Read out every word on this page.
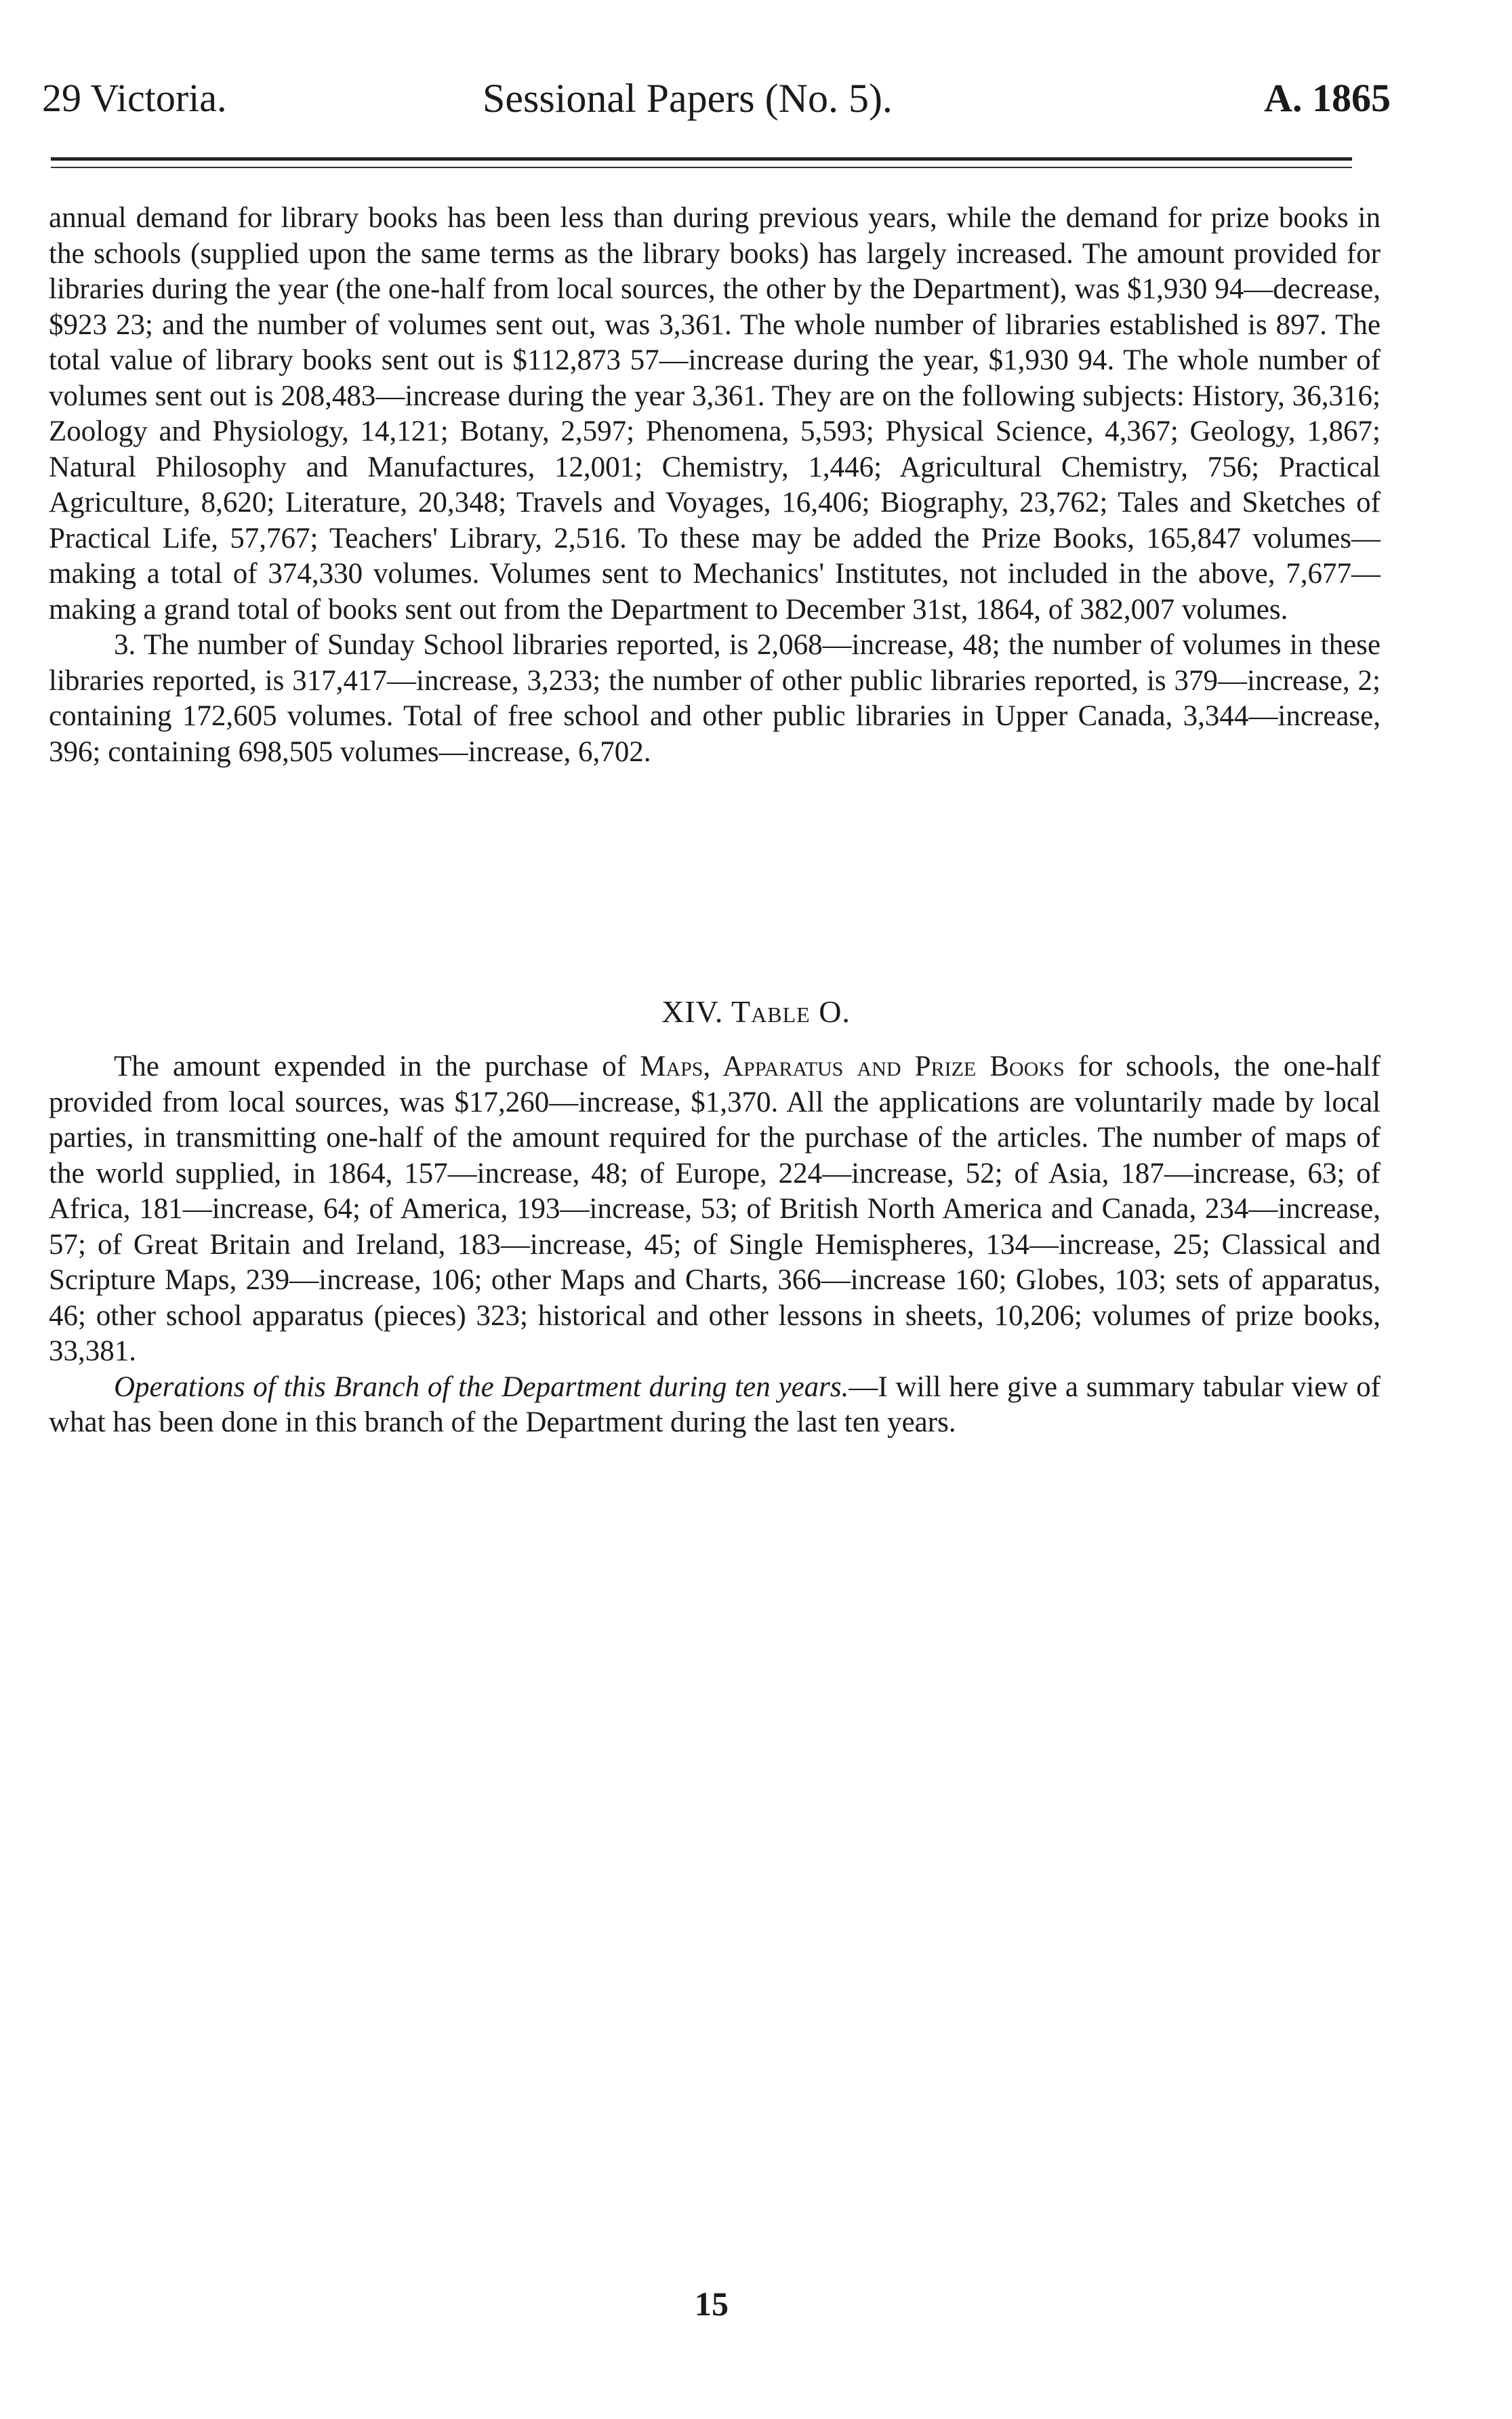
29 Victoria.	Sessional Papers (No. 5).	A. 1865

annual demand for library books has been less than during previous years, while the demand for prize books in the schools (supplied upon the same terms as the library books) has largely increased. The amount provided for libraries during the year (the one-half from local sources, the other by the Department), was $1,930 94—decrease, $923 23; and the number of volumes sent out, was 3,361. The whole number of libraries established is 897. The total value of library books sent out is $112,873 57—increase during the year, $1,930 94. The whole number of volumes sent out is 208,483—increase during the year 3,361. They are on the following subjects: History, 36,316; Zoology and Physiology, 14,121; Botany, 2,597; Phenomena, 5,593; Physical Science, 4,367; Geology, 1,867; Natural Philosophy and Manufactures, 12,001; Chemistry, 1,446; Agricultural Chemistry, 756; Practical Agriculture, 8,620; Literature, 20,348; Travels and Voyages, 16,406; Biography, 23,762; Tales and Sketches of Practical Life, 57,767; Teachers' Library, 2,516. To these may be added the Prize Books, 165,847 volumes—making a total of 374,330 volumes. Volumes sent to Mechanics' Institutes, not included in the above, 7,677—making a grand total of books sent out from the Department to December 31st, 1864, of 382,007 volumes.

3. The number of Sunday School libraries reported, is 2,068—increase, 48; the number of volumes in these libraries reported, is 317,417—increase, 3,233; the number of other public libraries reported, is 379—increase, 2; containing 172,605 volumes. Total of free school and other public libraries in Upper Canada, 3,344—increase, 396; containing 698,505 volumes—increase, 6,702.

XIV. Table O.

The amount expended in the purchase of Maps, Apparatus and Prize Books for schools, the one-half provided from local sources, was $17,260—increase, $1,370. All the applications are voluntarily made by local parties, in transmitting one-half of the amount required for the purchase of the articles. The number of maps of the world supplied, in 1864, 157—increase, 48; of Europe, 224—increase, 52; of Asia, 187—increase, 63; of Africa, 181—increase, 64; of America, 193—increase, 53; of British North America and Canada, 234—increase, 57; of Great Britain and Ireland, 183—increase, 45; of Single Hemispheres, 134—increase, 25; Classical and Scripture Maps, 239—increase, 106; other Maps and Charts, 366—increase 160; Globes, 103; sets of apparatus, 46; other school apparatus (pieces) 323; historical and other lessons in sheets, 10,206; volumes of prize books, 33,381.

Operations of this Branch of the Department during ten years.—I will here give a summary tabular view of what has been done in this branch of the Department during the last ten years.

15
